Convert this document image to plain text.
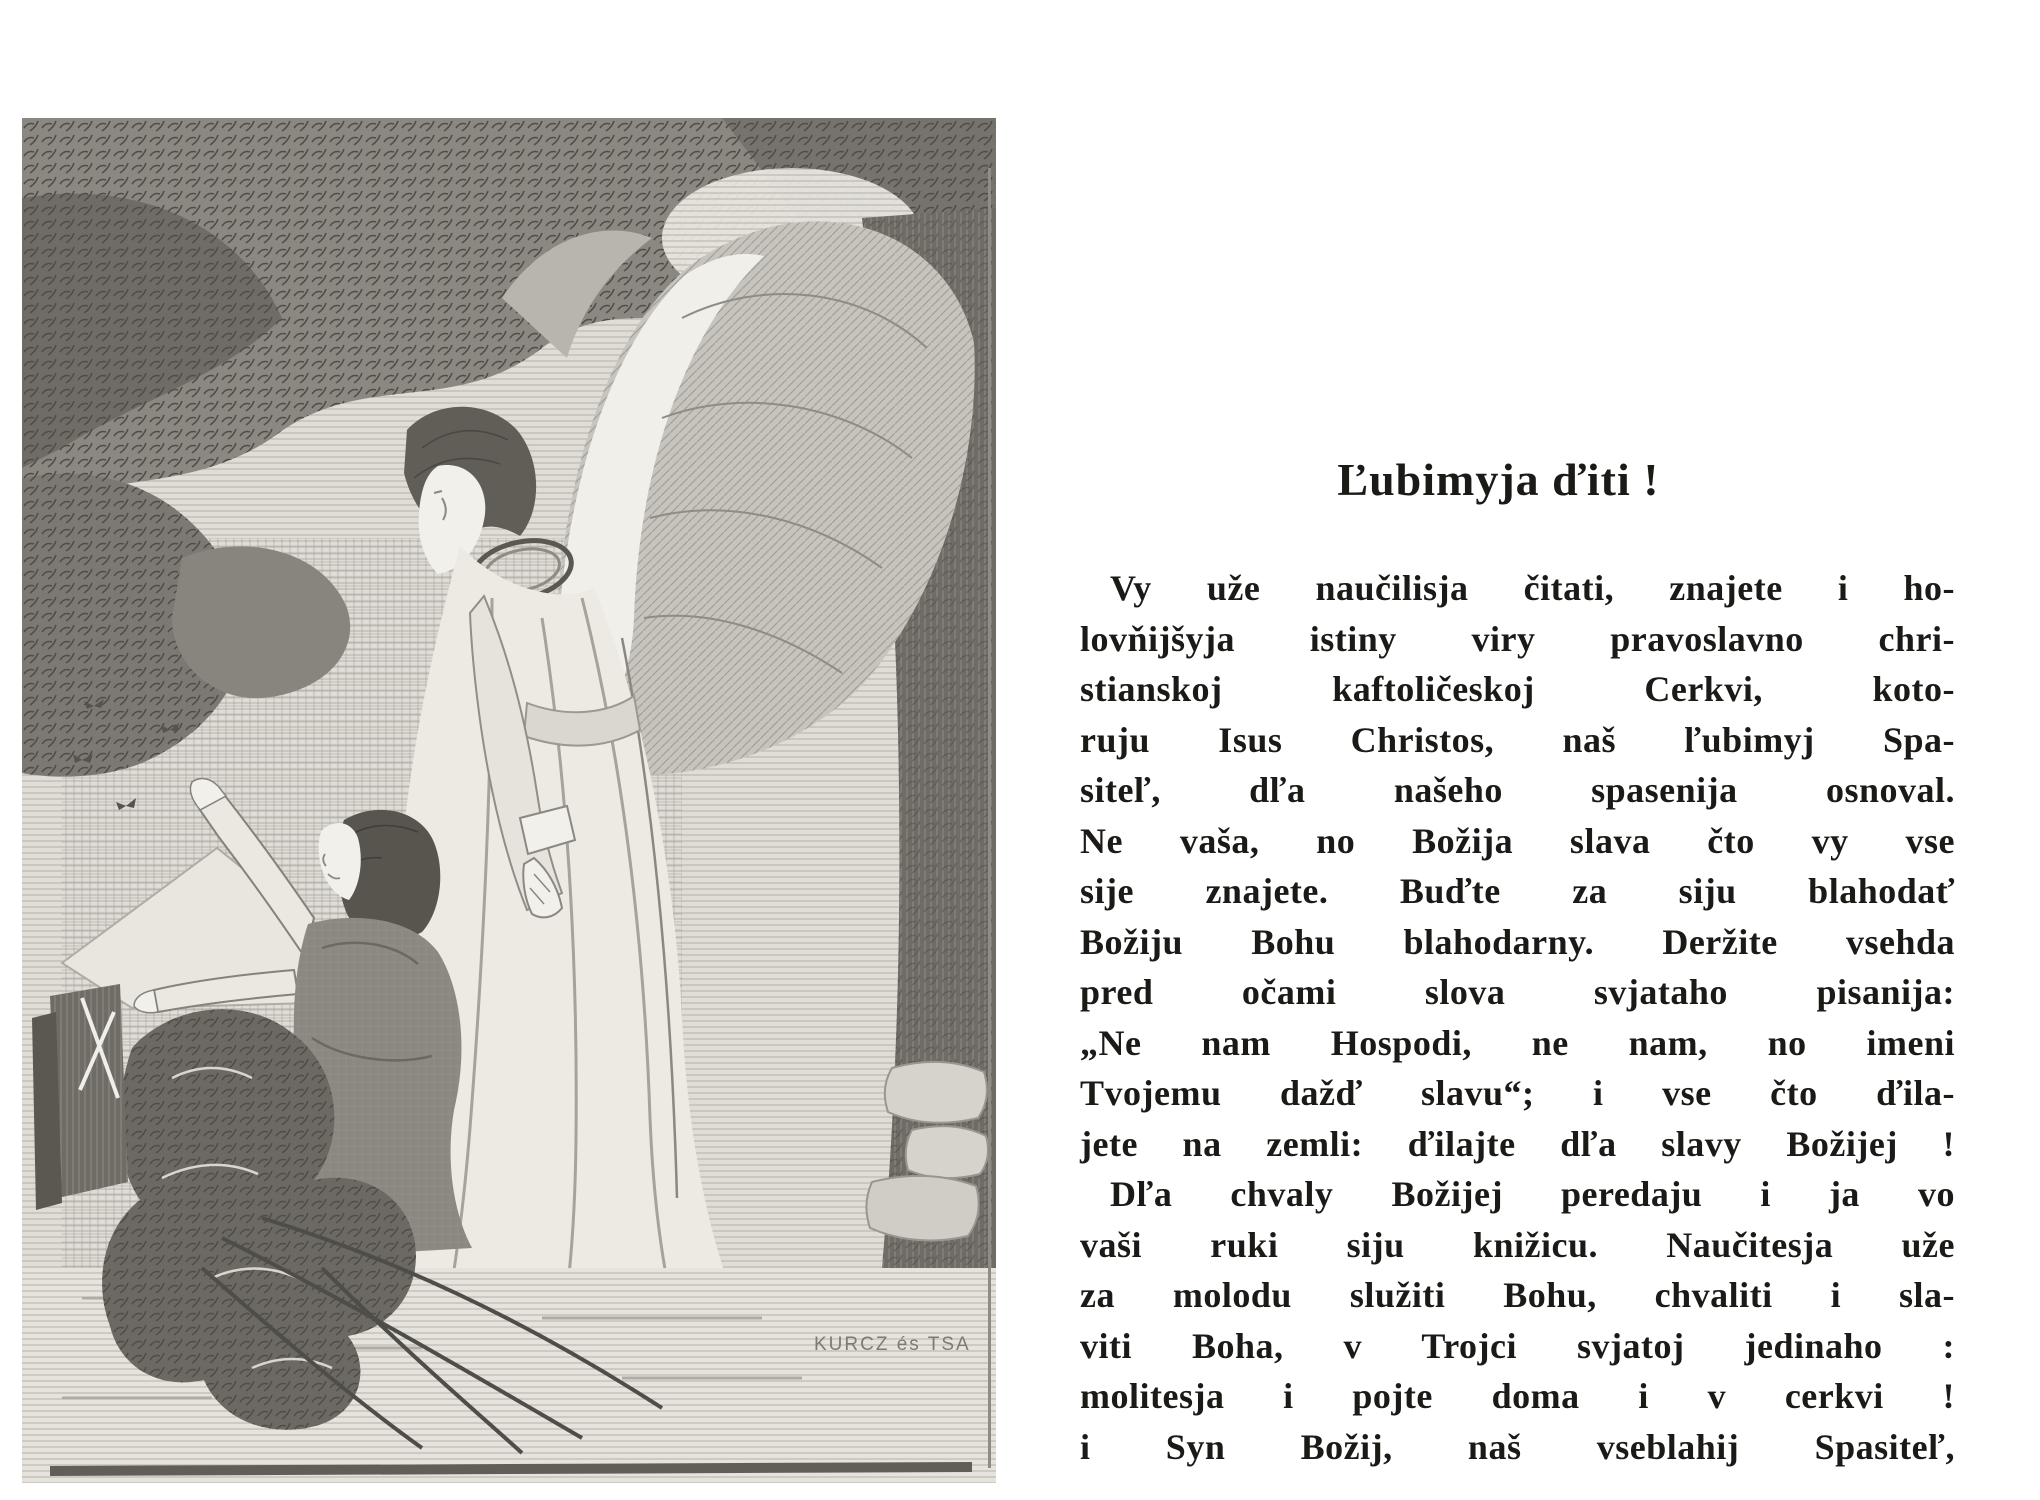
KURCZ és TSA
Ľubimyja ďiti !
Vy uže naučilisja čitati, znajete i ho-
lovňijšyja istiny viry pravoslavno chri-
stianskoj kaftoličeskoj Cerkvi, koto-
ruju Isus Christos, naš ľubimyj Spa-
siteľ, dľa našeho spasenija osnoval.
Ne vaša, no Božija slava čto vy vse
sije znajete. Buďte za siju blahodať
Božiju Bohu blahodarny. Deržite vsehda
pred očami slova svjataho pisanija:
„Ne nam Hospodi, ne nam, no imeni
Tvojemu dažď slavu“; i vse čto ďila-
jete na zemli: ďilajte dľa slavy Božijej !
Dľa chvaly Božijej peredaju i ja vo
vaši ruki siju knižicu. Naučitesja uže
za molodu služiti Bohu, chvaliti i sla-
viti Boha, v Trojci svjatoj jedinaho :
molitesja i pojte doma i v cerkvi !
i Syn Božij, naš vseblahij Spasiteľ,
